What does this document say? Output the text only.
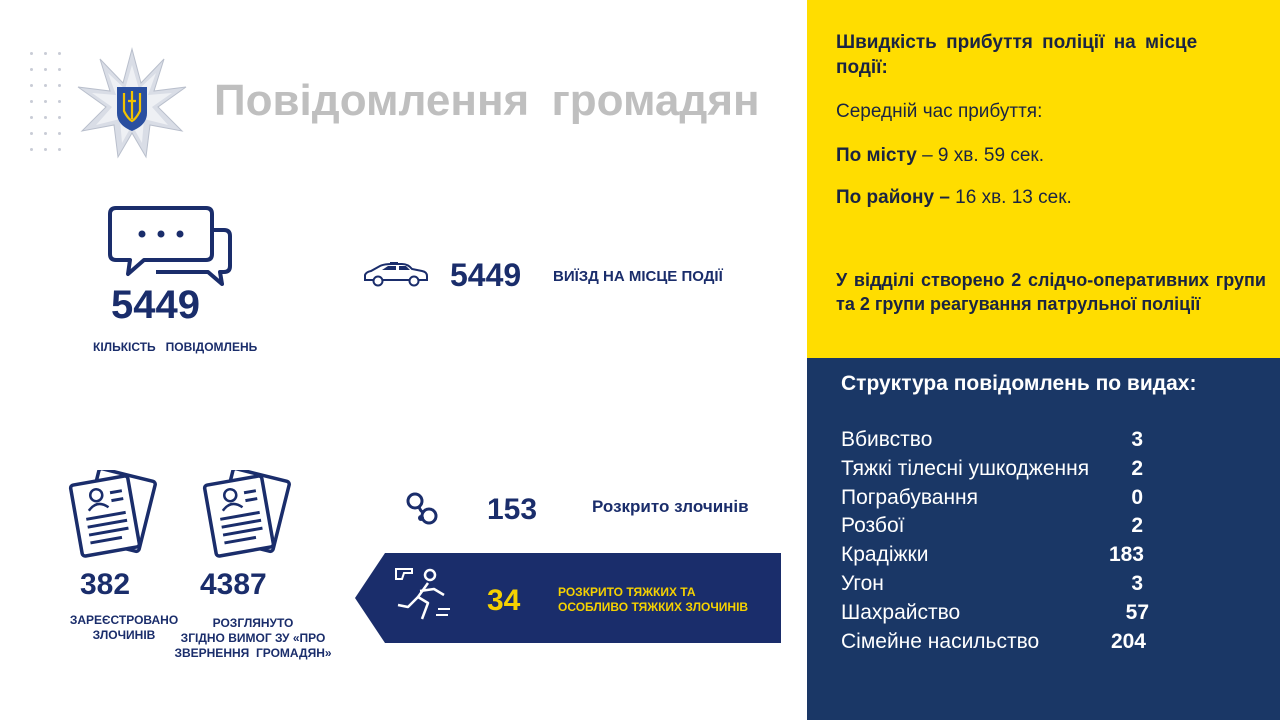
Повідомлення громадян
5449
КІЛЬКІСТЬ   ПОВІДОМЛЕНЬ
5449 ВИЇЗД НА МІСЦЕ ПОДІЇ
382
ЗАРЕЄСТРОВАНО
ЗЛОЧИНІВ
4387
РОЗГЛЯНУТО
ЗГІДНО ВИМОГ ЗУ «ПРО
ЗВЕРНЕННЯ  ГРОМАДЯН»
153	Розкрито злочинів
34	РОЗКРИТО ТЯЖКИХ ТА
ОСОБЛИВО ТЯЖКИХ ЗЛОЧИНІВ
Швидкість прибуття поліції на місце події:
Середній час прибуття:
По місту – 9 хв. 59 сек.
По району – 16 хв. 13 сек.
У відділі створено 2 слідчо-оперативних групи та 2 групи реагування патрульної поліції
Структура повідомлень по видах:
Вбивство	3
Тяжкі тілесні ушкодження 2
Пограбування	0
Розбої	2
Крадіжки	183
Угон	3
Шахрайство	57
Сімейне насильство	204
